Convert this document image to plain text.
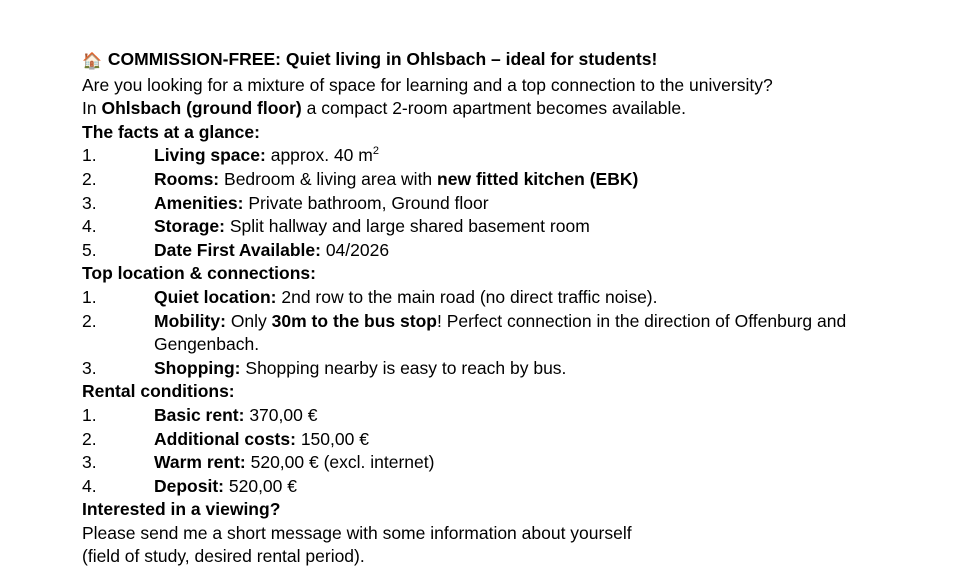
🏠 COMMISSION-FREE: Quiet living in Ohlsbach – ideal for students!
Are you looking for a mixture of space for learning and a top connection to the university?
In Ohlsbach (ground floor) a compact 2-room apartment becomes available.
The facts at a glance:
1.	Living space: approx. 40 $m^2$
2.	Rooms: Bedroom & living area with new fitted kitchen (EBK)
3.	Amenities: Private bathroom, Ground floor
4.	Storage: Split hallway and large shared basement room
5.	Date First Available: 04/2026
Top location & connections:
1.	Quiet location: 2nd row to the main road (no direct traffic noise).
2.	Mobility: Only 30m to the bus stop! Perfect connection in the direction of Offenburg and Gengenbach.
3.	Shopping: Shopping nearby is easy to reach by bus.
Rental conditions:
1.	Basic rent: 370,00 €
2.	Additional costs: 150,00 €
3.	Warm rent: 520,00 € (excl. internet)
4.	Deposit: 520,00 €
Interested in a viewing?
Please send me a short message with some information about yourself
(field of study, desired rental period).
